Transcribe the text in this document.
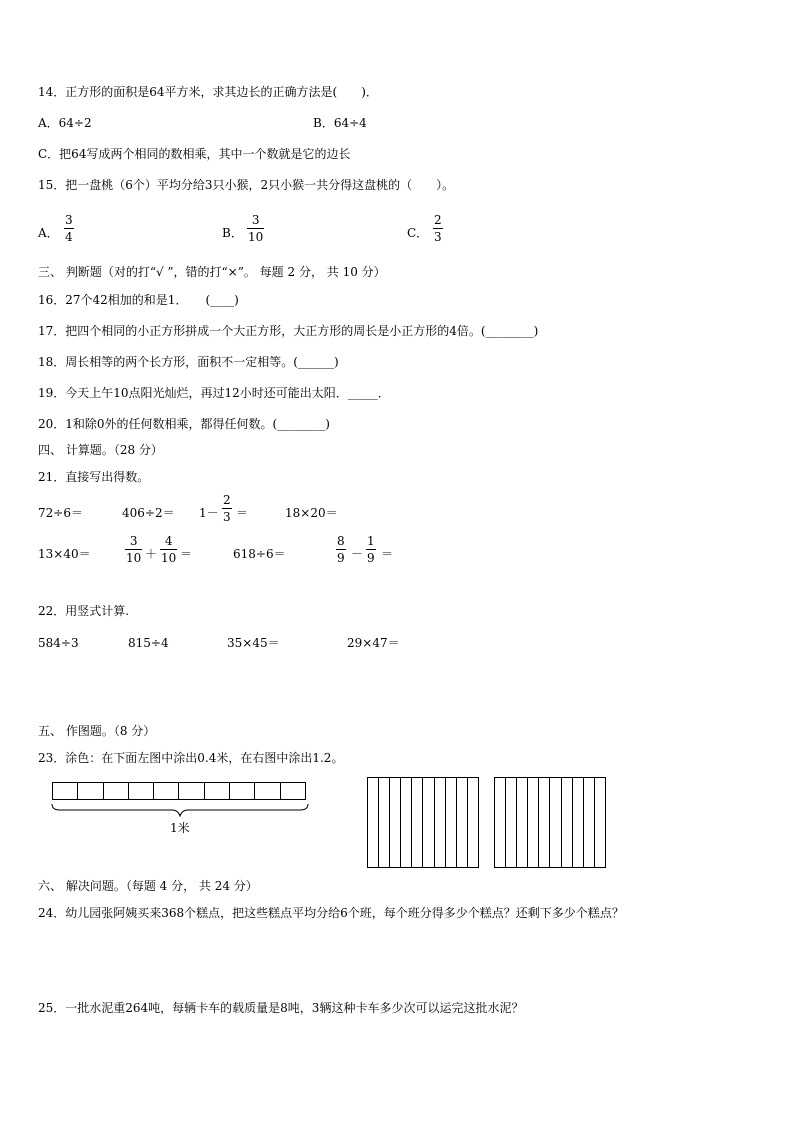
14．正方形的面积是64平方米，求其边长的正确方法是(　　)．
A．64÷2	B．64÷4
C．把64写成两个相同的数相乘，其中一个数就是它的边长
15．把一盘桃（6个）平均分给3只小猴，2只小猴一共分得这盘桃的（　　）。
A．
3
4	B．
3
10	C．
2
3
三、 判断题（对的打“√ ”，错的打“×”。 每题 2 分， 共 10 分）
16．27个42相加的和是1．　　(____)
17．把四个相同的小正方形拼成一个大正方形，大正方形的周长是小正方形的4倍。(________)
18．周长相等的两个长方形，面积不一定相等。(______)
19．今天上午10点阳光灿烂，再过12小时还可能出太阳．_____．
20．1和除0外的任何数相乘，都得任何数。(________)
四、 计算题。（28 分）
21．直接写出得数。
72÷6＝	406÷2＝ 1－
2
3 ＝	18×20＝
13×40＝
3
10 ＋
4
10 ＝	618÷6＝
8
9 －
1
9 ＝
22．用竖式计算.
584÷3	815÷4	35×45＝	29×47＝
五、 作图题。（8 分）
23．涂色：在下面左图中涂出0.4米，在右图中涂出1.2。
1米
六、 解决问题。（每题 4 分， 共 24 分）
24．幼儿园张阿姨买来368个糕点，把这些糕点平均分给6个班，每个班分得多少个糕点？还剩下多少个糕点？
25．一批水泥重264吨，每辆卡车的载质量是8吨，3辆这种卡车多少次可以运完这批水泥？
